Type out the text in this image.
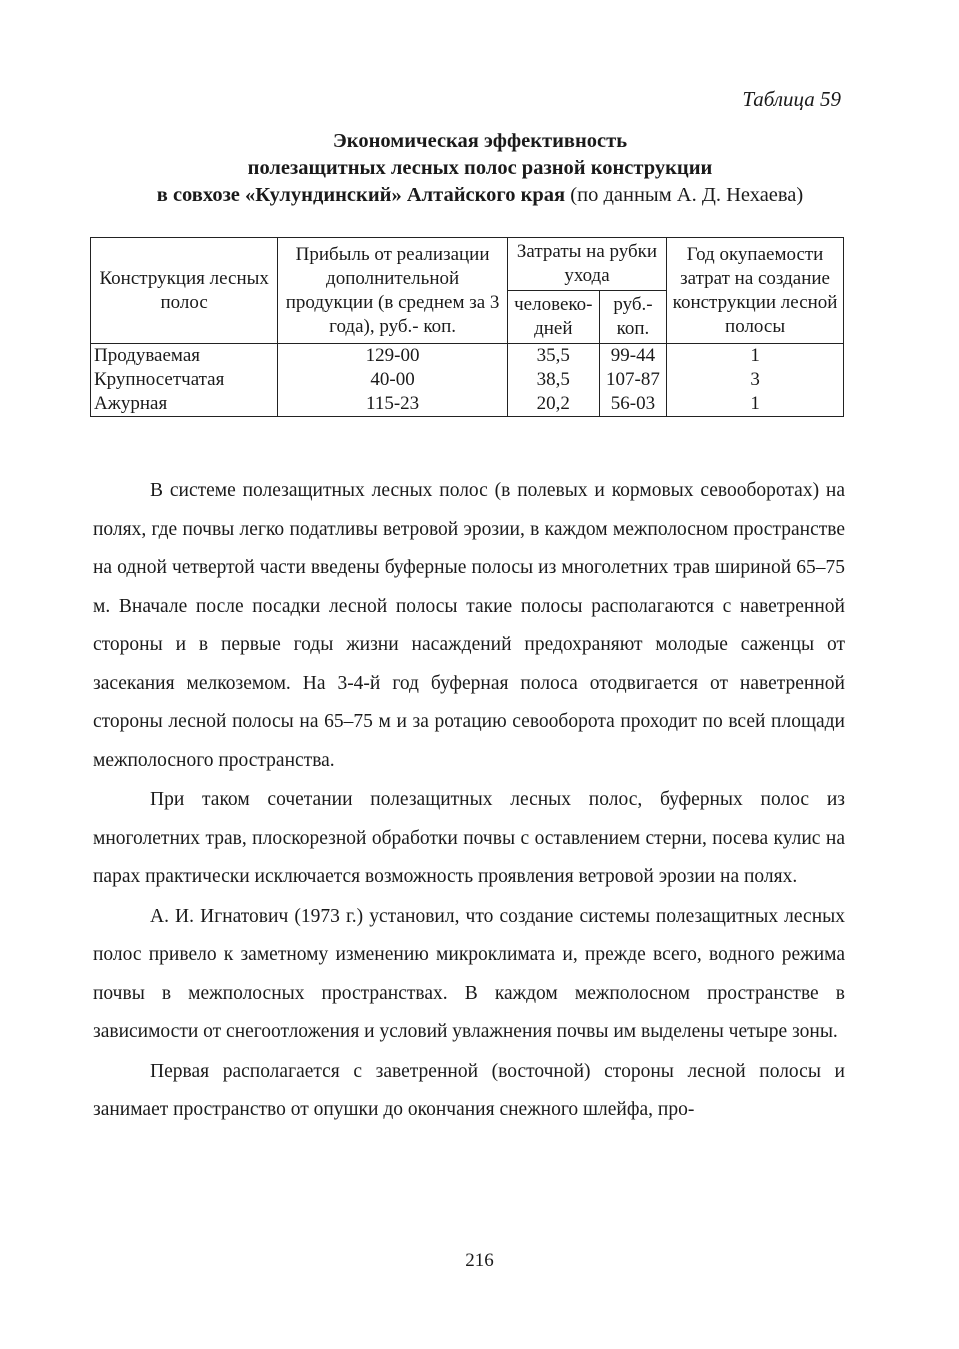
Таблица 59
Экономическая эффективность
полезащитных лесных полос разной конструкции
в совхозе «Кулундинский» Алтайского края (по данным А. Д. Нехаева)
Конструкция лесных полос	Прибыль от реализации дополнительной продукции (в среднем за 3 года), руб.- коп.	Затраты на рубки ухода		Год окупаемости затрат на создание конструкции лесной полосы
		человеко-дней	руб.- коп.	
Продуваемая	129-00	35,5	99-44	1
Крупносетчатая	40-00	38,5	107-87	3
Ажурная	115-23	20,2	56-03	1

В системе полезащитных лесных полос (в полевых и кормовых севооборотах) на полях, где почвы легко податливы ветровой эрозии, в каждом межполосном пространстве на одной четвертой части введены буферные полосы из многолетних трав шириной 65–75 м. Вначале после посадки лесной полосы такие полосы располагаются с наветренной стороны и в первые годы жизни насаждений предохраняют молодые саженцы от засекания мелкоземом. На 3-4-й год буферная полоса отодвигается от наветренной стороны лесной полосы на 65–75 м и за ротацию севооборота проходит по всей площади межполосного пространства.

При таком сочетании полезащитных лесных полос, буферных полос из многолетних трав, плоскорезной обработки почвы с оставлением стерни, посева кулис на парах практически исключается возможность проявления ветровой эрозии на полях.

А. И. Игнатович (1973 г.) установил, что создание системы полезащитных лесных полос привело к заметному изменению микроклимата и, прежде всего, водного режима почвы в межполосных пространствах. В каждом межполосном пространстве в зависимости от снегоотложения и условий увлажнения почвы им выделены четыре зоны.

Первая располагается с заветренной (восточной) стороны лесной полосы и занимает пространство от опушки до окончания снежного шлейфа, про-

216
